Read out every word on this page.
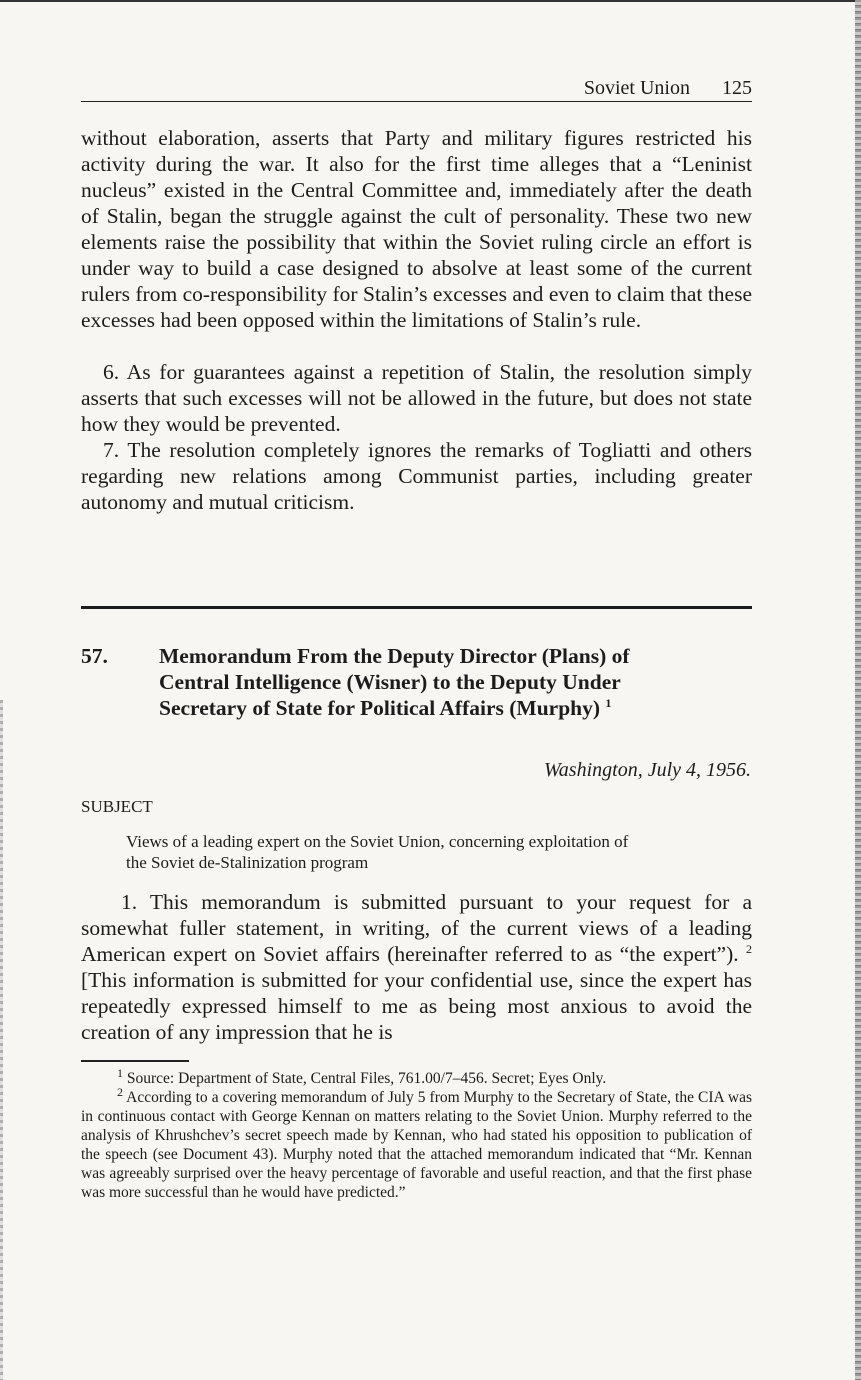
Soviet Union 125

without elaboration, asserts that Party and military figures restricted his activity during the war. It also for the first time alleges that a “Leninist nucleus” existed in the Central Committee and, immediately after the death of Stalin, began the struggle against the cult of personality. These two new elements raise the possibility that within the Soviet ruling circle an effort is under way to build a case designed to absolve at least some of the current rulers from co-responsibility for Stalin’s excesses and even to claim that these excesses had been opposed within the limitations of Stalin’s rule.

6. As for guarantees against a repetition of Stalin, the resolution simply asserts that such excesses will not be allowed in the future, but does not state how they would be prevented.

7. The resolution completely ignores the remarks of Togliatti and others regarding new relations among Communist parties, including greater autonomy and mutual criticism.

57. Memorandum From the Deputy Director (Plans) of Central Intelligence (Wisner) to the Deputy Under Secretary of State for Political Affairs (Murphy) $^1$
Washington, July 4, 1956.
SUBJECT
Views of a leading expert on the Soviet Union, concerning exploitation of
the Soviet de-Stalinization program

1. This memorandum is submitted pursuant to your request for a somewhat fuller statement, in writing, of the current views of a leading American expert on Soviet affairs (hereinafter referred to as “the expert”). $^2$ [This information is submitted for your confidential use, since the expert has repeatedly expressed himself to me as being most anxious to avoid the creation of any impression that he is

$^1$ Source: Department of State, Central Files, 761.00/7–456. Secret; Eyes Only.

$^2$ According to a covering memorandum of July 5 from Murphy to the Secretary of State, the CIA was in continuous contact with George Kennan on matters relating to the Soviet Union. Murphy referred to the analysis of Khrushchev’s secret speech made by Kennan, who had stated his opposition to publication of the speech (see Document 43). Murphy noted that the attached memorandum indicated that “Mr. Kennan was agreeably surprised over the heavy percentage of favorable and useful reaction, and that the first phase was more successful than he would have predicted.”
